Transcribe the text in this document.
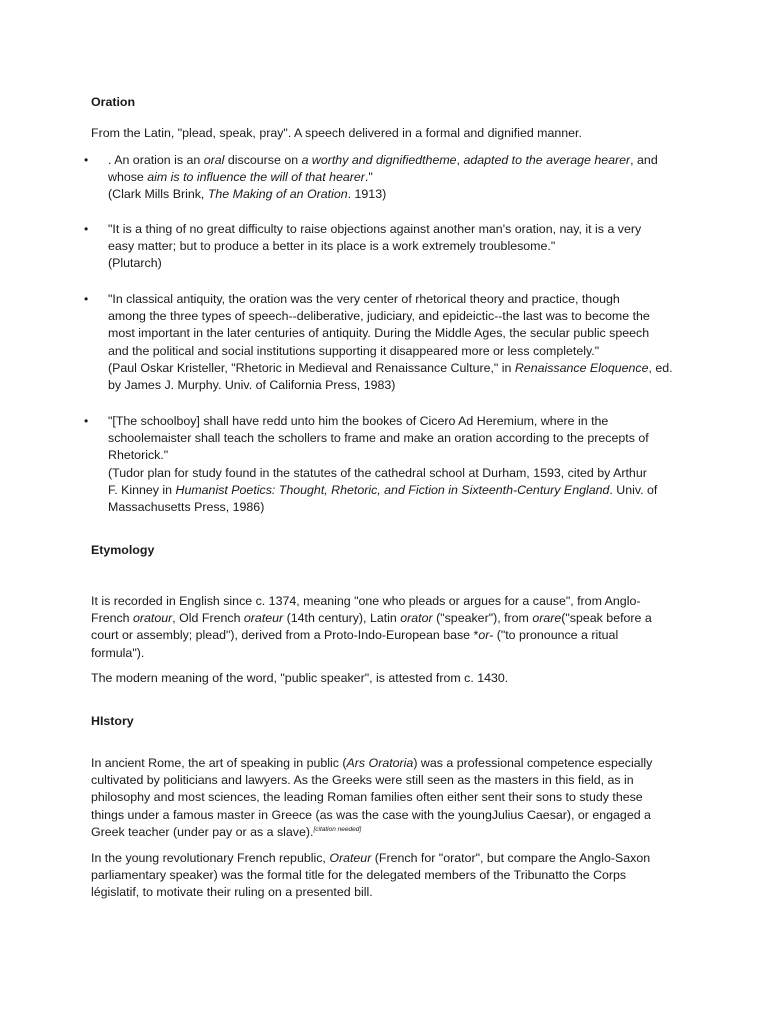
Oration
From the Latin, "plead, speak, pray". A speech delivered in a formal and dignified manner.
• . An oration is an oral discourse on a worthy and dignifiedtheme, adapted to the average hearer, and
whose aim is to influence the will of that hearer."
(Clark Mills Brink, The Making of an Oration. 1913)
• "It is a thing of no great difficulty to raise objections against another man's oration, nay, it is a very
easy matter; but to produce a better in its place is a work extremely troublesome."
(Plutarch)
• "In classical antiquity, the oration was the very center of rhetorical theory and practice, though
among the three types of speech--deliberative, judiciary, and epideictic--the last was to become the
most important in the later centuries of antiquity. During the Middle Ages, the secular public speech
and the political and social institutions supporting it disappeared more or less completely."
(Paul Oskar Kristeller, "Rhetoric in Medieval and Renaissance Culture," in Renaissance Eloquence, ed.
by James J. Murphy. Univ. of California Press, 1983)
• "[The schoolboy] shall have redd unto him the bookes of Cicero Ad Heremium, where in the
schoolemaister shall teach the schollers to frame and make an oration according to the precepts of
Rhetorick."
(Tudor plan for study found in the statutes of the cathedral school at Durham, 1593, cited by Arthur
F. Kinney in Humanist Poetics: Thought, Rhetoric, and Fiction in Sixteenth-Century England. Univ. of
Massachusetts Press, 1986)
Etymology
It is recorded in English since c. 1374, meaning "one who pleads or argues for a cause", from Anglo-
French oratour, Old French orateur (14th century), Latin orator ("speaker"), from orare("speak before a
court or assembly; plead"), derived from a Proto-Indo-European base *or- ("to pronounce a ritual
formula").
The modern meaning of the word, "public speaker", is attested from c. 1430.
HIstory
In ancient Rome, the art of speaking in public (Ars Oratoria) was a professional competence especially
cultivated by politicians and lawyers. As the Greeks were still seen as the masters in this field, as in
philosophy and most sciences, the leading Roman families often either sent their sons to study these
things under a famous master in Greece (as was the case with the youngJulius Caesar), or engaged a
Greek teacher (under pay or as a slave).[citation needed]
In the young revolutionary French republic, Orateur (French for "orator", but compare the Anglo-Saxon
parliamentary speaker) was the formal title for the delegated members of the Tribunatto the Corps
législatif, to motivate their ruling on a presented bill.
